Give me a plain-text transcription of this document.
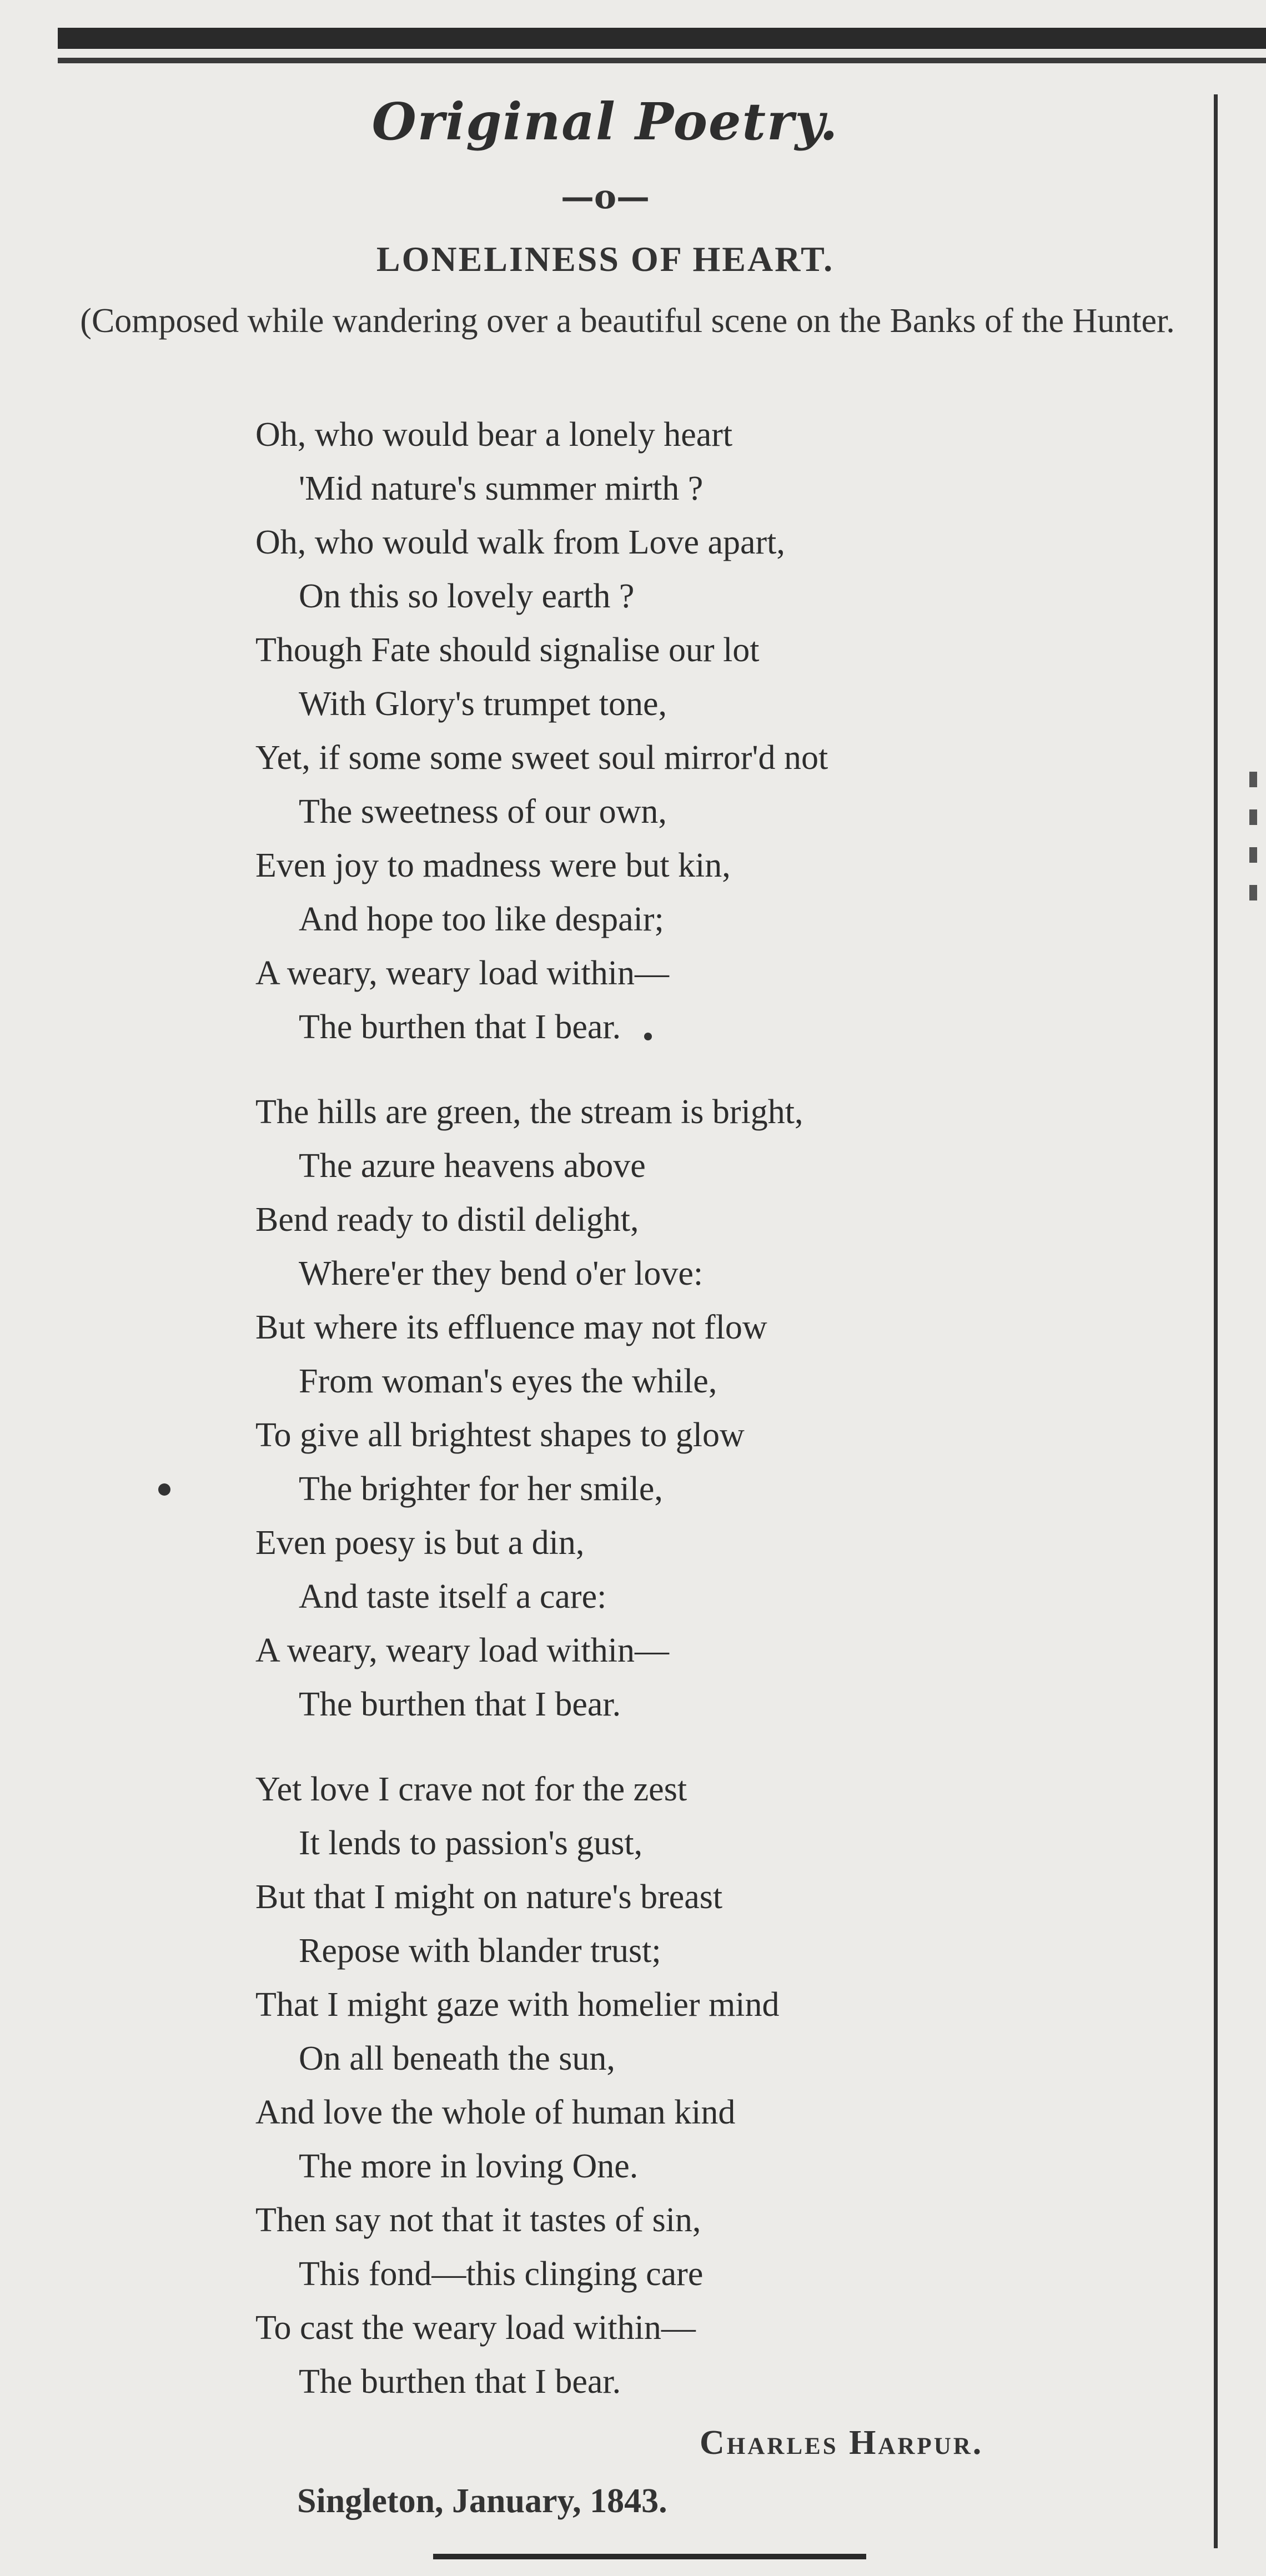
Original Poetry.
—o—
LONELINESS OF HEART.
(Composed while wandering over a beautiful scene on the Banks of the Hunter.
Oh, who would bear a lonely heart
'Mid nature's summer mirth ?
Oh, who would walk from Love apart,
On this so lovely earth ?
Though Fate should signalise our lot
With Glory's trumpet tone,
Yet, if some some sweet soul mirror'd not
The sweetness of our own,
Even joy to madness were but kin,
And hope too like despair;
A weary, weary load within—
The burthen that I bear.
The hills are green, the stream is bright,
The azure heavens above
Bend ready to distil delight,
Where'er they bend o'er love:
But where its effluence may not flow
From woman's eyes the while,
To give all brightest shapes to glow
The brighter for her smile,
Even poesy is but a din,
And taste itself a care:
A weary, weary load within—
The burthen that I bear.
Yet love I crave not for the zest
It lends to passion's gust,
But that I might on nature's breast
Repose with blander trust;
That I might gaze with homelier mind
On all beneath the sun,
And love the whole of human kind
The more in loving One.
Then say not that it tastes of sin,
This fond—this clinging care
To cast the weary load within—
The burthen that I bear.
Charles Harpur.
Singleton, January, 1843.
